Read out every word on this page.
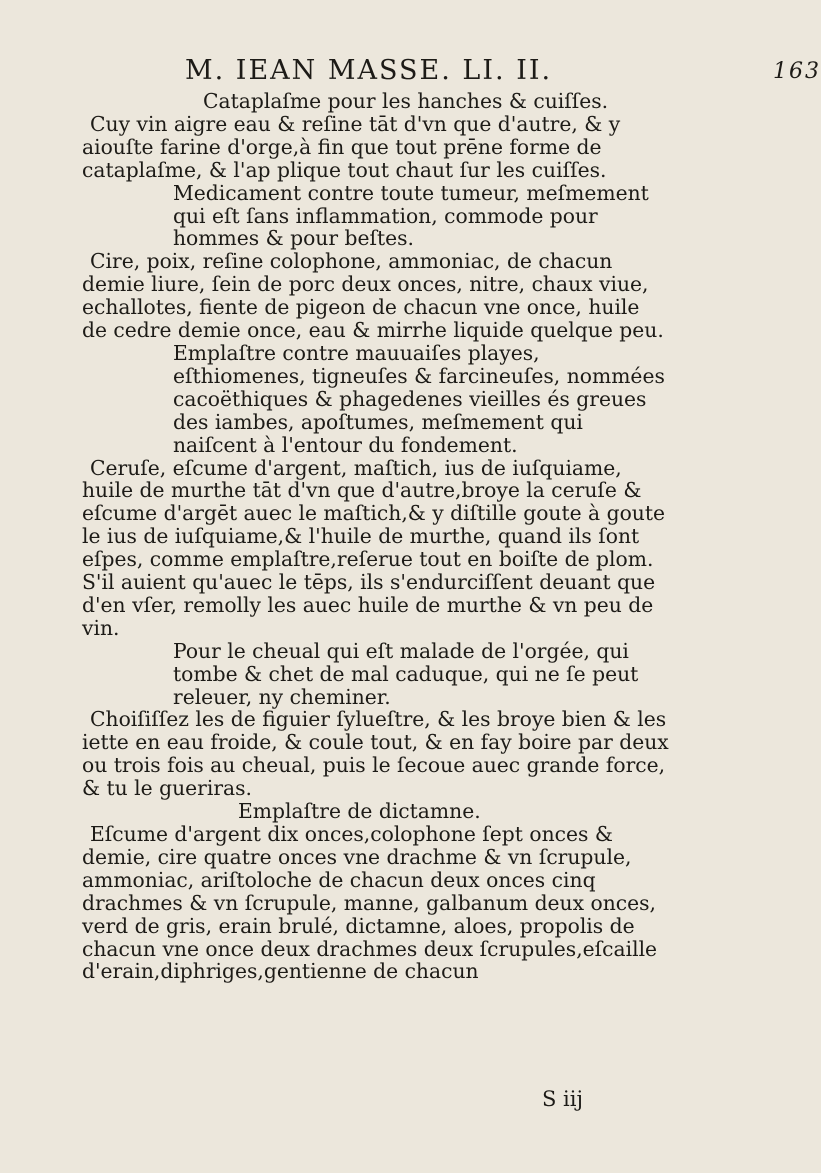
M. IEAN MASSE. LI. II.	163

Cataplaſme pour les hanches & cuiſſes.

Cuy vin aigre eau & reſine tāt d'vn que d'autre, & y aiouſte farine d'orge,à fin que tout prēne forme de cataplaſme, & l'ap plique tout chaut ſur les cuiſſes.

Medicament contre toute tumeur, meſmement qui eſt ſans inflammation, commode pour hommes & pour beſtes.

Cire, poix, reſine colophone, ammoniac, de chacun demie liure, ſein de porc deux onces, nitre, chaux viue, echallotes, fiente de pigeon de chacun vne once, huile de cedre demie once, eau & mirrhe liquide quelque peu.

Emplaſtre contre mauuaiſes playes, eſthiomenes, tigneuſes & farcineuſes, nommées cacoëthiques & phagedenes vieilles és greues des iambes, apoſtumes, meſmement qui naiſcent à l'entour du fondement.

Ceruſe, eſcume d'argent, maſtich, ius de iuſquiame, huile de murthe tāt d'vn que d'autre,broye la ceruſe & eſcume d'argēt auec le maſtich,& y diſtille goute à goute le ius de iuſquiame,& l'huile de murthe, quand ils ſont eſpes, comme emplaſtre,reſerue tout en boiſte de plom. S'il auient qu'auec le tēps, ils s'endurciſſent deuant que d'en vſer, remolly les auec huile de murthe & vn peu de vin.

Pour le cheual qui eſt malade de l'orgée, qui tombe & chet de mal caduque, qui ne ſe peut releuer, ny cheminer.

Choiſiſſez les de figuier ſylueſtre, & les broye bien & les iette en eau froide, & coule tout, & en fay boire par deux ou trois fois au cheual, puis le ſecoue auec grande force, & tu le gueriras.

Emplaſtre de dictamne.

Eſcume d'argent dix onces,colophone ſept onces & demie, cire quatre onces vne drachme & vn ſcrupule, ammoniac, ariſtoloche de chacun deux onces cinq drachmes & vn ſcrupule, manne, galbanum deux onces, verd de gris, erain brulé, dictamne, aloes, propolis de chacun vne once deux drachmes deux ſcrupules,eſcaille d'erain,diphriges,gentienne de chacun

S iij
